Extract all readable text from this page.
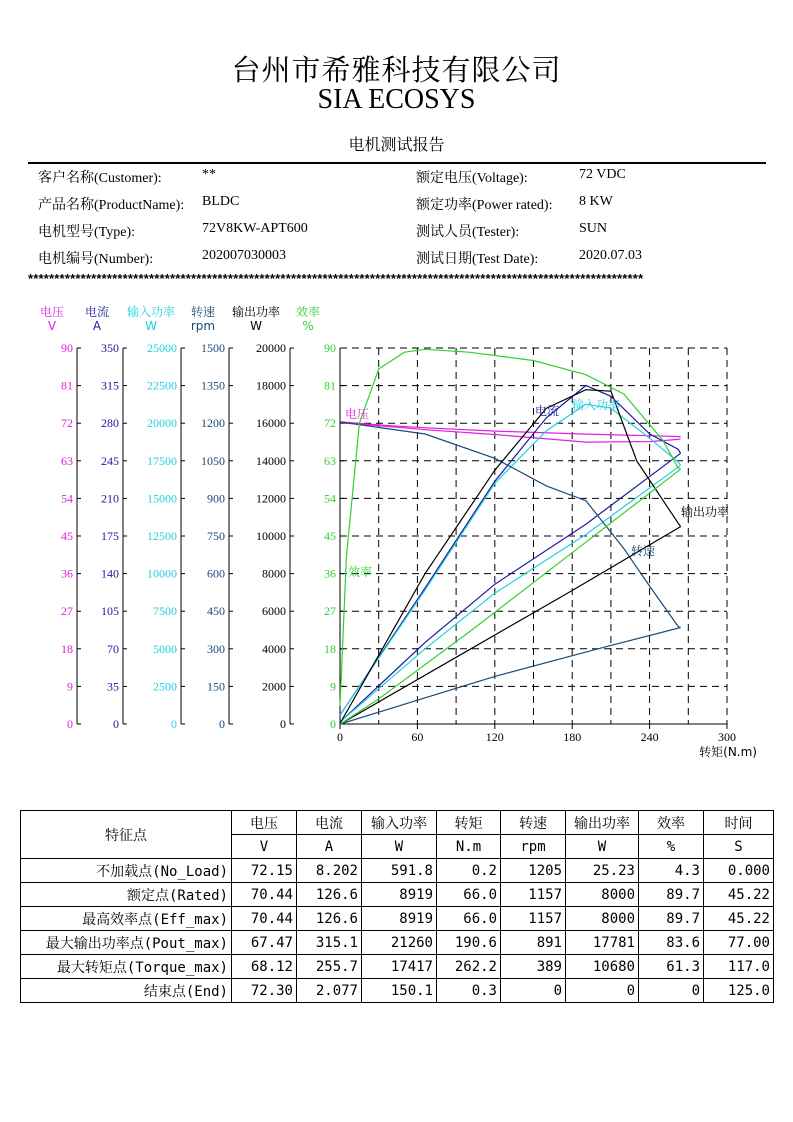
台州市希雅科技有限公司
SIA ECOSYS
电机测试报告
客户名称(Customer):	**
产品名称(ProductName): BLDC
电机型号(Type):	72V8KW-APT600
电机编号(Number):	202007030003
额定电压(Voltage):	72 VDC
额定功率(Power rated): 8 KW
测试人员(Tester):	SUN
测试日期(Test Date):	2020.07.03
*********************************************************************************************************************
0	60	120	180	240	300
转矩(N.m)
电压
V
0
9
18
27
36
45
54
63
72
81
90
电流
A
0
35
70
105
140
175
210
245
280
315
350
输入功率
W
0
2500
5000
7500
10000
12500
15000
17500
20000
22500
25000
转速
rpm
0
150
300
450
600
750
900
1050
1200
1350
1500
输出功率
W
0
2000
4000
6000
8000
10000
12000
14000
16000
18000
20000
效率
%
0
9
18
27
36
45
54
63
72
81
90
电压	电流 输入功率
输出功率
转速
效率
特征点	电压	电流	输入功率	转矩	转速	输出功率	效率	时间
	V	A	W	N.m	rpm	W	%	S
不加载点(No_Load)	72.15	8.202	591.8	0.2	1205	25.23	4.3	0.000
额定点(Rated)	70.44	126.6	8919	66.0	1157	8000	89.7	45.22
最高效率点(Eff_max)	70.44	126.6	8919	66.0	1157	8000	89.7	45.22
最大输出功率点(Pout_max)	67.47	315.1	21260	190.6	891	17781	83.6	77.00
最大转矩点(Torque_max)	68.12	255.7	17417	262.2	389	10680	61.3	117.0
结束点(End)	72.30	2.077	150.1	0.3	0	0	0	125.0
